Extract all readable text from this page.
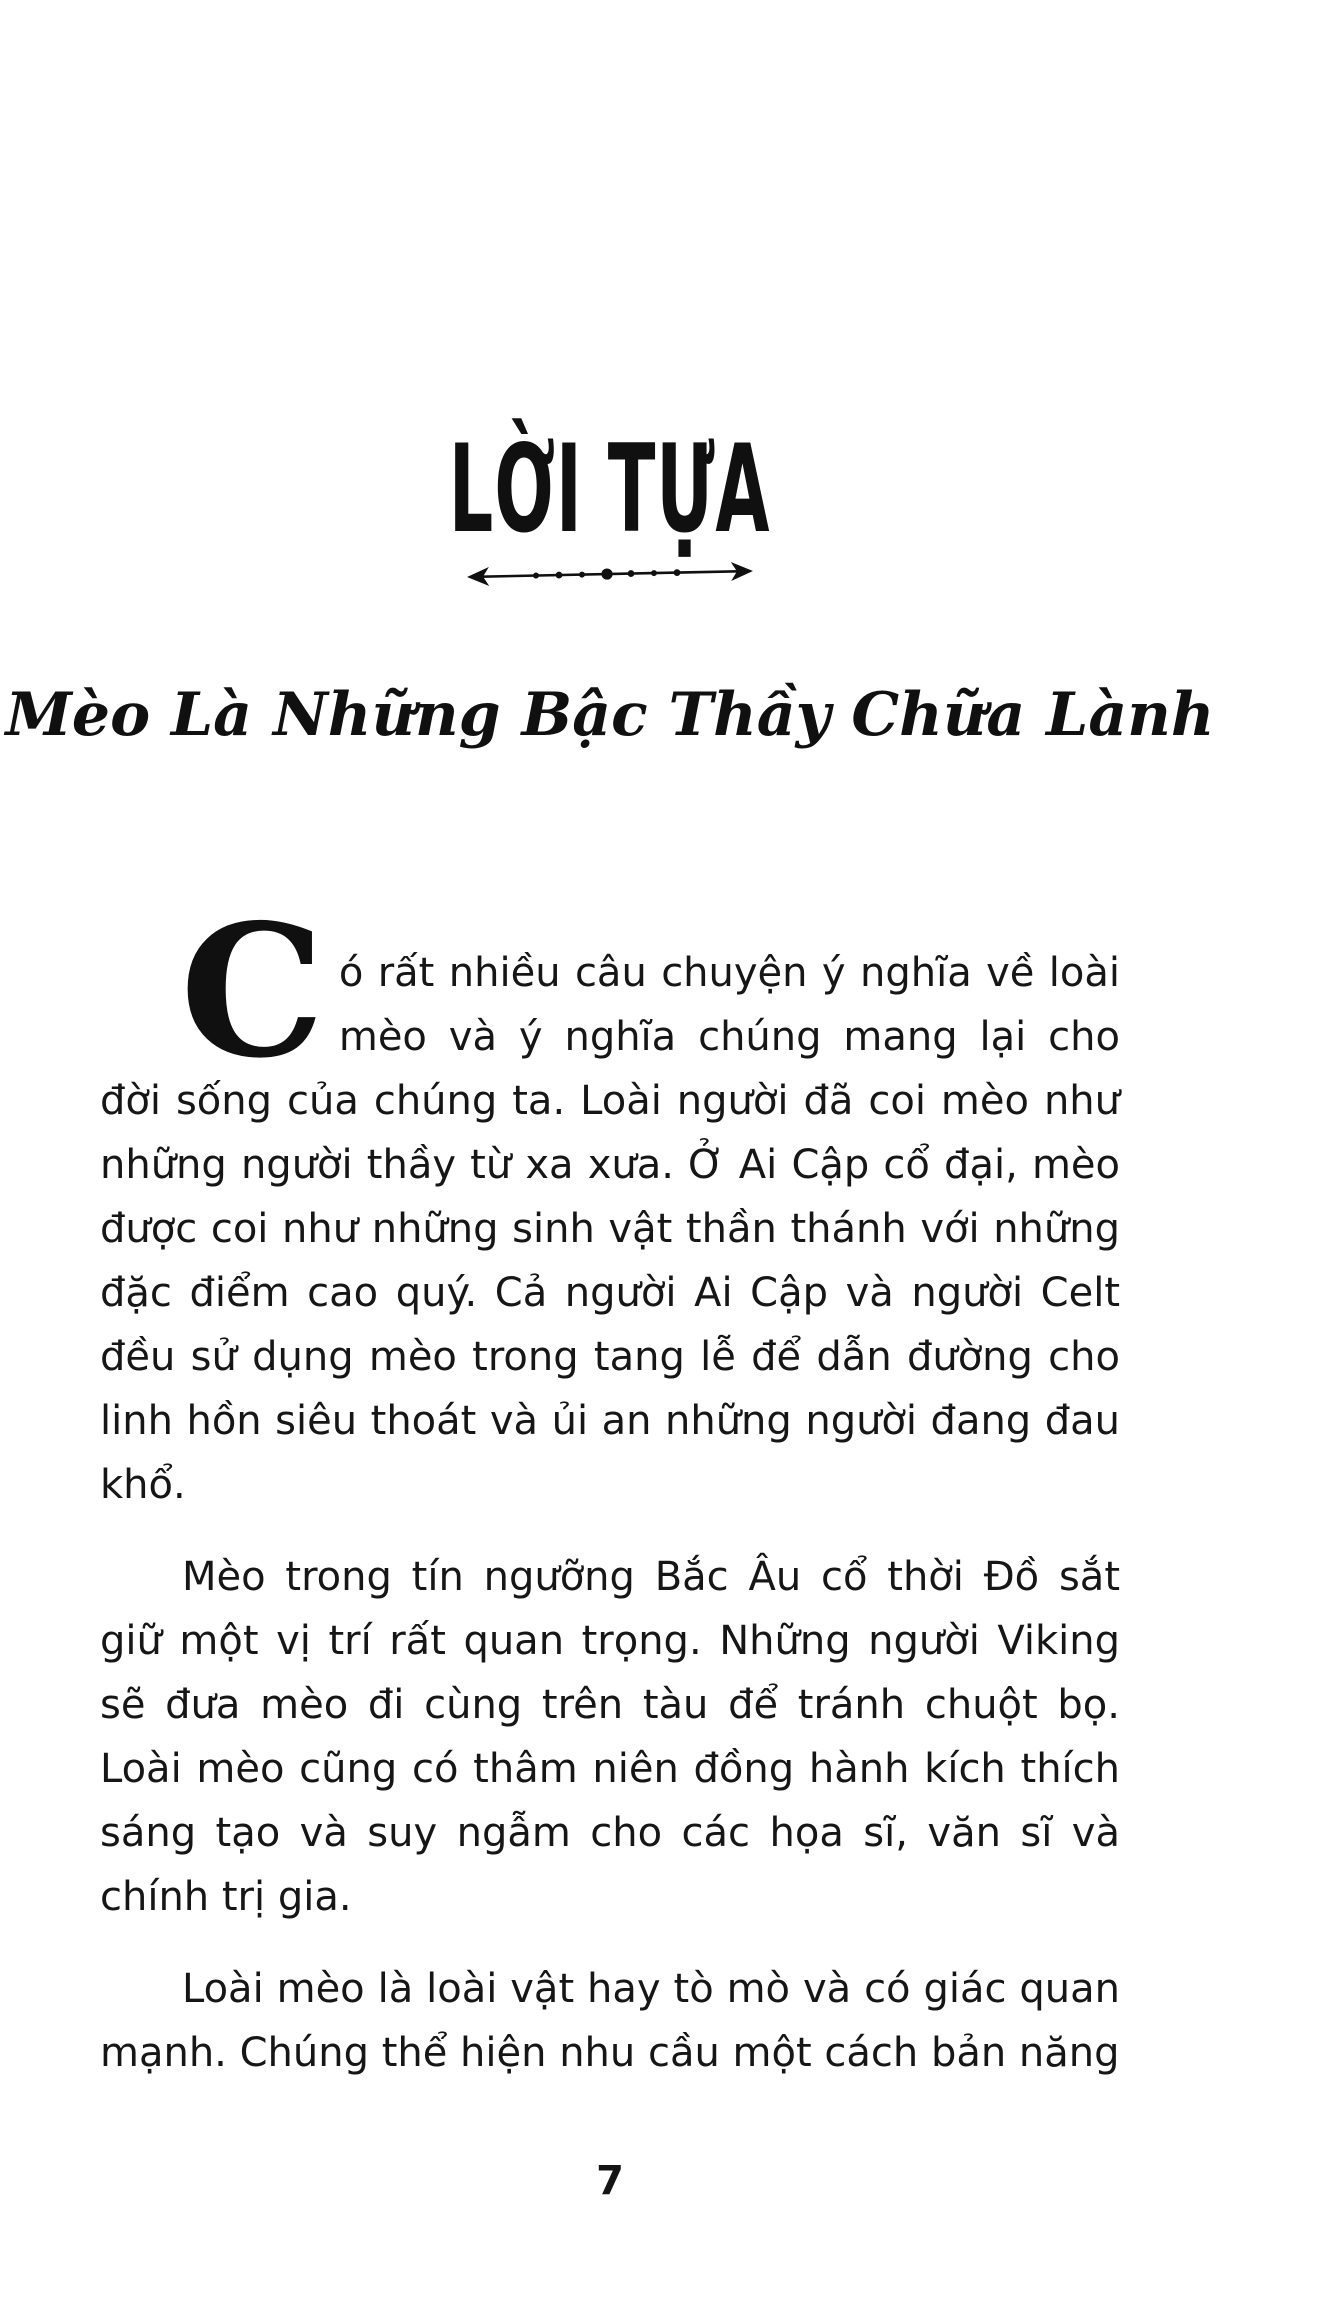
LỜI TỰA
Mèo Là Những Bậc Thầy Chữa Lành

Có rất nhiều câu chuyện ý nghĩa về loài mèo và ý nghĩa chúng mang lại cho đời sống của chúng ta. Loài người đã coi mèo như những người thầy từ xa xưa. Ở Ai Cập cổ đại, mèo được coi như những sinh vật thần thánh với những đặc điểm cao quý. Cả người Ai Cập và người Celt đều sử dụng mèo trong tang lễ để dẫn đường cho linh hồn siêu thoát và ủi an những người đang đau khổ.

Mèo trong tín ngưỡng Bắc Âu cổ thời Đồ sắt giữ một vị trí rất quan trọng. Những người Viking sẽ đưa mèo đi cùng trên tàu để tránh chuột bọ. Loài mèo cũng có thâm niên đồng hành kích thích sáng tạo và suy ngẫm cho các họa sĩ, văn sĩ và chính trị gia.

Loài mèo là loài vật hay tò mò và có giác quan mạnh. Chúng thể hiện nhu cầu một cách bản năng

7
